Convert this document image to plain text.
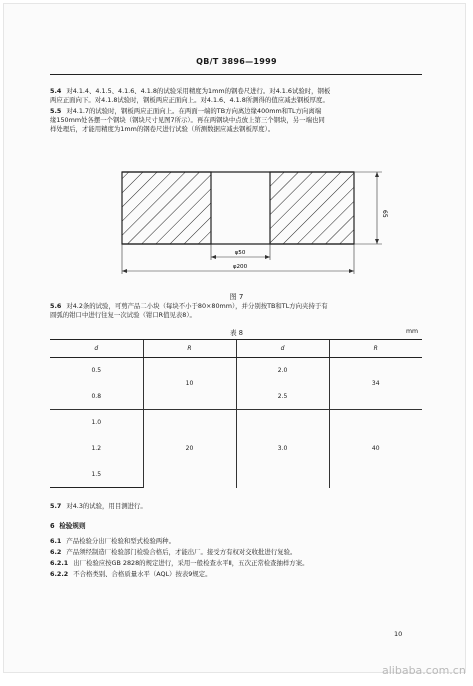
QB/T 3896—1999
5.4 对4.1.4、4.1.5、4.1.6、4.1.8的试验采用精度为1mm的钢卷尺进行。对4.1.6试验时，钢板
两应正面向下。对4.1.8试验时，钢板两应正面向上。对4.1.6、4.1.8所测得的值应减去钢板厚度。
5.5 对4.1.7的试验时，钢板两应正面向上。在两面一端的TB方向离边缘400mm和TL方向离端
缘150mm处各摆一个钢块（钢块尺寸见图7所示）。再在两钢块中点放上第三个钢块，另一端也同
样处理后，才能用精度为1mm的钢卷尺进行试验（所测数据应减去钢板厚度）。
65
φ50
φ200
图 7
5.6 对4.2条的试验，可剪产品二小块（每块不小于80×80mm），并分别按TB和TL方向夹持于有
圆弧的钳口中进行往复一次试验（钳口R值见表8）。
表 8	mm
d	R	d	R
0.5	10	2.0	34
0.8		2.5	
1.0	20	3.0	40
1.2			
1.5			
5.7 对4.3的试验，用目测进行。
6 检验规则
6.1 产品检验分出厂检验和型式检验两种。
6.2 产品须经制造厂检验部门检验合格后，才能出厂。接受方有权对交收批进行复验。
6.2.1 出厂检验应按GB 2828的规定进行，采用一般检查水平Ⅱ，五次正常检查抽样方案。
6.2.2 不合格类别、合格质量水平（AQL）按表9规定。
10
alibaba.com.cn
